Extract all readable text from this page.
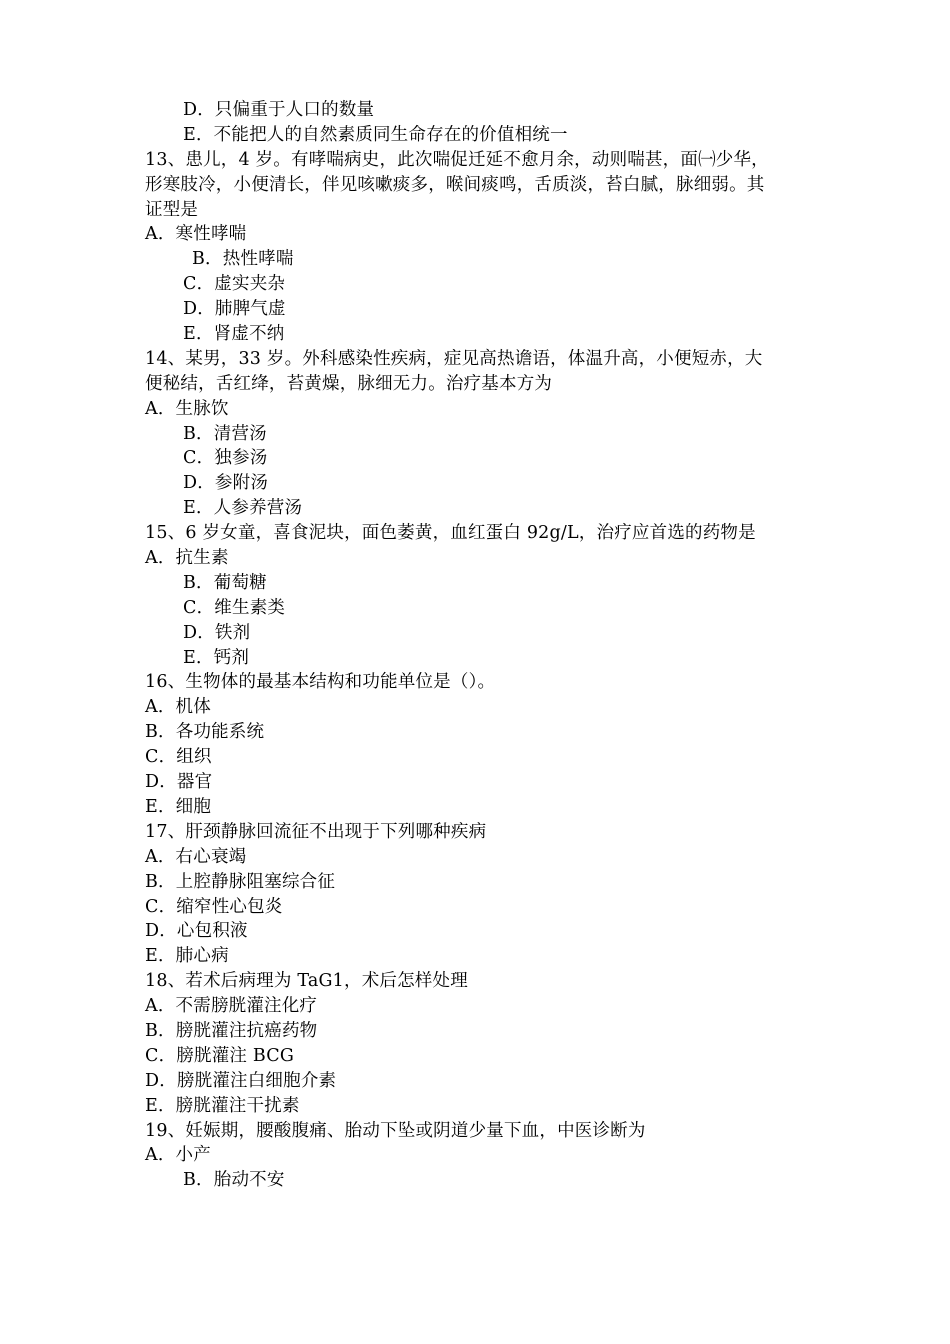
D．只偏重于人口的数量
E．不能把人的自然素质同生命存在的价值相统一
13、患儿，4 岁。有哮喘病史，此次喘促迁延不愈月余，动则喘甚，面㈠少华，
形寒肢冷，小便清长，伴见咳嗽痰多，喉间痰鸣，舌质淡，苔白腻，脉细弱。其
证型是
A．寒性哮喘
B．热性哮喘
C．虚实夹杂
D．肺脾气虚
E．肾虚不纳
14、某男，33 岁。外科感染性疾病，症见高热谵语，体温升高，小便短赤，大
便秘结，舌红绛，苔黄燥，脉细无力。治疗基本方为
A．生脉饮
B．清营汤
C．独参汤
D．参附汤
E．人参养营汤
15、6 岁女童，喜食泥块，面色萎黄，血红蛋白 92g/L，治疗应首选的药物是
A．抗生素
B．葡萄糖
C．维生素类
D．铁剂
E．钙剂
16、生物体的最基本结构和功能单位是（）。
A．机体
B．各功能系统
C．组织
D．器官
E．细胞
17、肝颈静脉回流征不出现于下列哪种疾病
A．右心衰竭
B．上腔静脉阻塞综合征
C．缩窄性心包炎
D．心包积液
E．肺心病
18、若术后病理为 TaG1，术后怎样处理
A．不需膀胱灌注化疗
B．膀胱灌注抗癌药物
C．膀胱灌注 BCG
D．膀胱灌注白细胞介素
E．膀胱灌注干扰素
19、妊娠期，腰酸腹痛、胎动下坠或阴道少量下血，中医诊断为
A．小产
B．胎动不安
